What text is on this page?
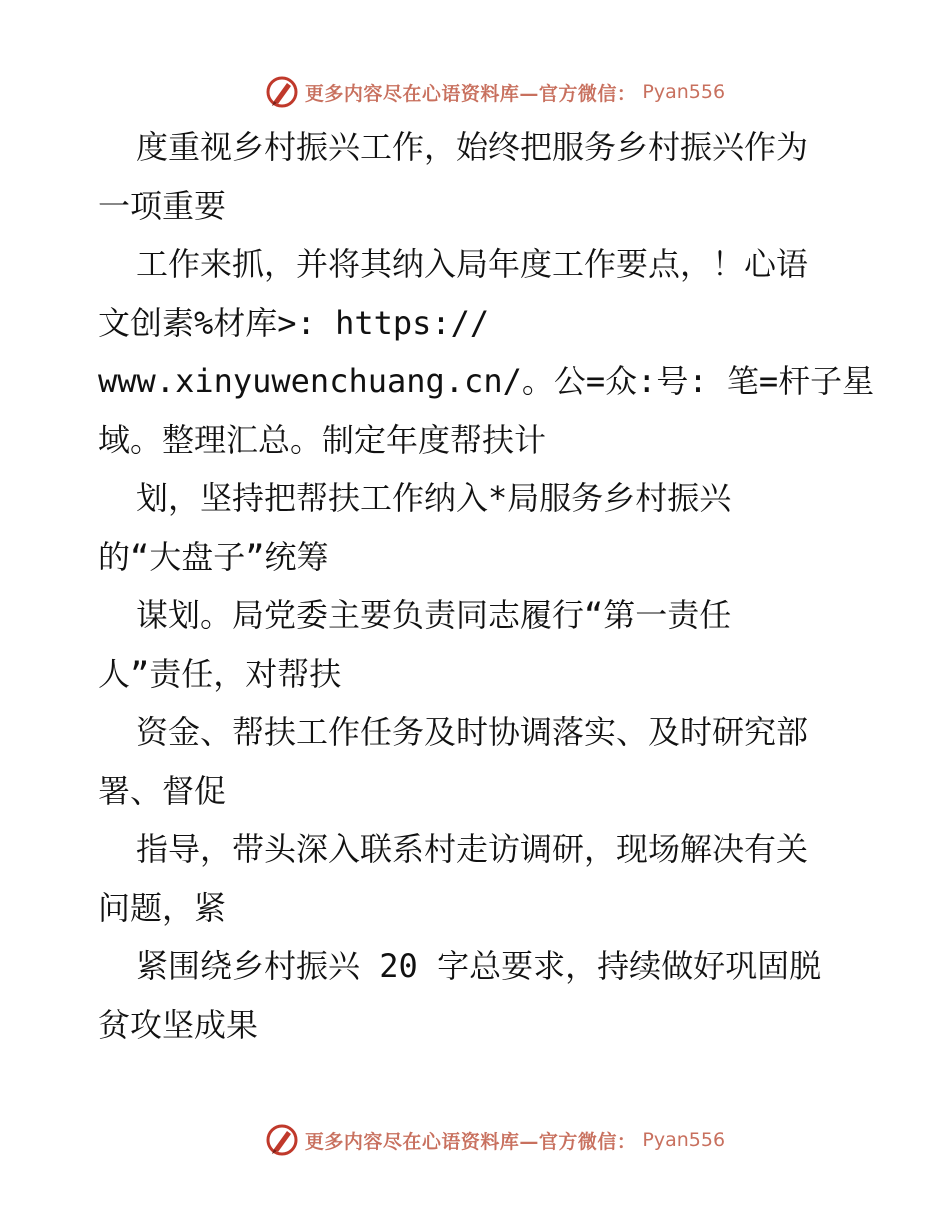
更多内容尽在心语资料库—官方微信： Pyan556
度重视乡村振兴工作，始终把服务乡村振兴作为
一项重要
工作来抓，并将其纳入局年度工作要点，！心语
文创素%材库>: https://
www.xinyuwenchuang.cn/。公=众:号: 笔=杆子星
域。整理汇总。制定年度帮扶计
划，坚持把帮扶工作纳入*局服务乡村振兴
的“大盘子”统筹
谋划。局党委主要负责同志履行“第一责任
人”责任，对帮扶
资金、帮扶工作任务及时协调落实、及时研究部
署、督促
指导，带头深入联系村走访调研，现场解决有关
问题，紧
紧围绕乡村振兴 20 字总要求，持续做好巩固脱
贫攻坚成果
更多内容尽在心语资料库—官方微信： Pyan556
